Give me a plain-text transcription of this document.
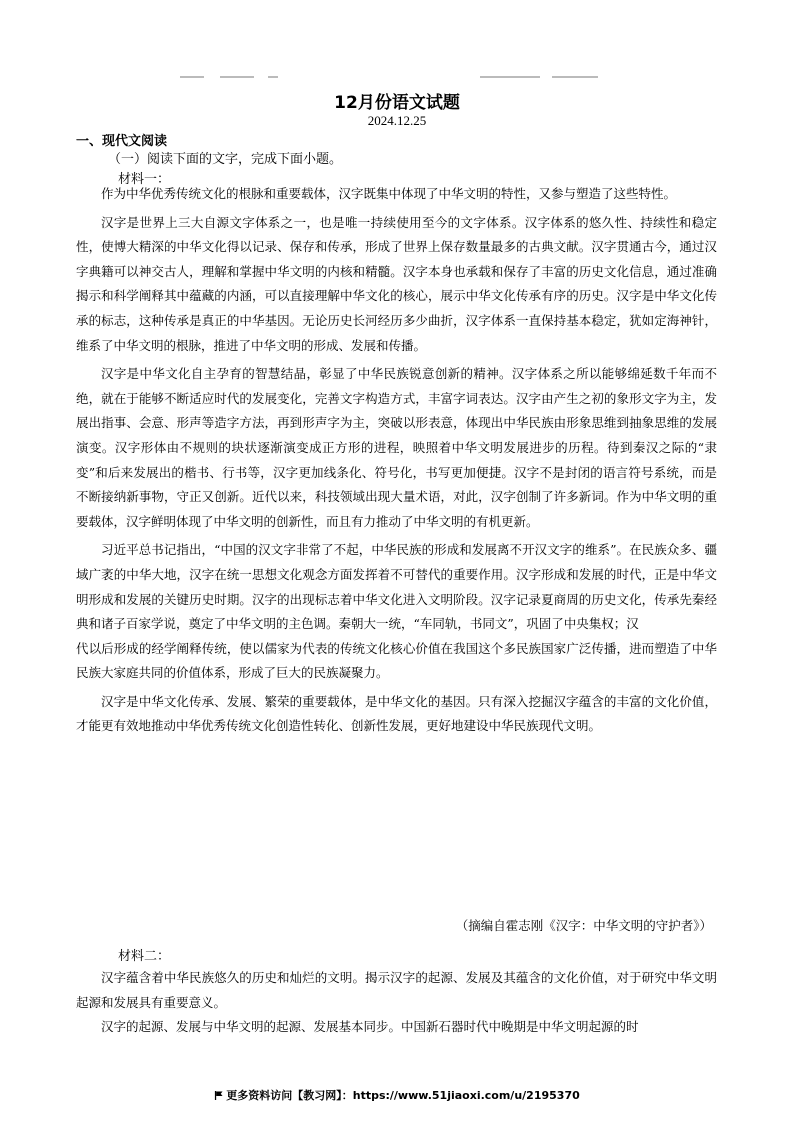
12月份语文试题
2024.12.25
一、现代文阅读
（一）阅读下面的文字，完成下面小题。
材料一：

作为中华优秀传统文化的根脉和重要载体，汉字既集中体现了中华文明的特性，又参与塑造了这些特性。

汉字是世界上三大自源文字体系之一，也是唯一持续使用至今的文字体系。汉字体系的悠久性、持续性和稳定性，使博大精深的中华文化得以记录、保存和传承，形成了世界上保存数量最多的古典文献。汉字贯通古今，通过汉字典籍可以神交古人，理解和掌握中华文明的内核和精髓。汉字本身也承载和保存了丰富的历史文化信息，通过准确揭示和科学阐释其中蕴藏的内涵，可以直接理解中华文化的核心，展示中华文化传承有序的历史。汉字是中华文化传承的标志，这种传承是真正的中华基因。无论历史长河经历多少曲折，汉字体系一直保持基本稳定，犹如定海神针，维系了中华文明的根脉，推进了中华文明的形成、发展和传播。

汉字是中华文化自主孕育的智慧结晶，彰显了中华民族锐意创新的精神。汉字体系之所以能够绵延数千年而不绝，就在于能够不断适应时代的发展变化，完善文字构造方式，丰富字词表达。汉字由产生之初的象形文字为主，发展出指事、会意、形声等造字方法，再到形声字为主，突破以形表意，体现出中华民族由形象思维到抽象思维的发展演变。汉字形体由不规则的块状逐渐演变成正方形的进程，映照着中华文明发展进步的历程。待到秦汉之际的“隶变”和后来发展出的楷书、行书等，汉字更加线条化、符号化，书写更加便捷。汉字不是封闭的语言符号系统，而是不断接纳新事物，守正又创新。近代以来，科技领域出现大量术语，对此，汉字创制了许多新词。作为中华文明的重要载体，汉字鲜明体现了中华文明的创新性，而且有力推动了中华文明的有机更新。

习近平总书记指出，“中国的汉文字非常了不起，中华民族的形成和发展离不开汉文字的维系”。在民族众多、疆域广袤的中华大地，汉字在统一思想文化观念方面发挥着不可替代的重要作用。汉字形成和发展的时代，正是中华文明形成和发展的关键历史时期。汉字的出现标志着中华文化进入文明阶段。汉字记录夏商周的历史文化，传承先秦经典和诸子百家学说，奠定了中华文明的主色调。秦朝大一统，“车同轨，书同文”，巩固了中央集权；汉

代以后形成的经学阐释传统，使以儒家为代表的传统文化核心价值在我国这个多民族国家广泛传播，进而塑造了中华民族大家庭共同的价值体系，形成了巨大的民族凝聚力。

汉字是中华文化传承、发展、繁荣的重要载体，是中华文化的基因。只有深入挖掘汉字蕴含的丰富的文化价值，才能更有效地推动中华优秀传统文化创造性转化、创新性发展，更好地建设中华民族现代文明。

（摘编自霍志刚《汉字：中华文明的守护者》）
材料二：

汉字蕴含着中华民族悠久的历史和灿烂的文明。揭示汉字的起源、发展及其蕴含的文化价值，对于研究中华文明起源和发展具有重要意义。

汉字的起源、发展与中华文明的起源、发展基本同步。中国新石器时代中晚期是中华文明起源的时

更多资料访问【教习网】：https://www.51jiaoxi.com/u/2195370
